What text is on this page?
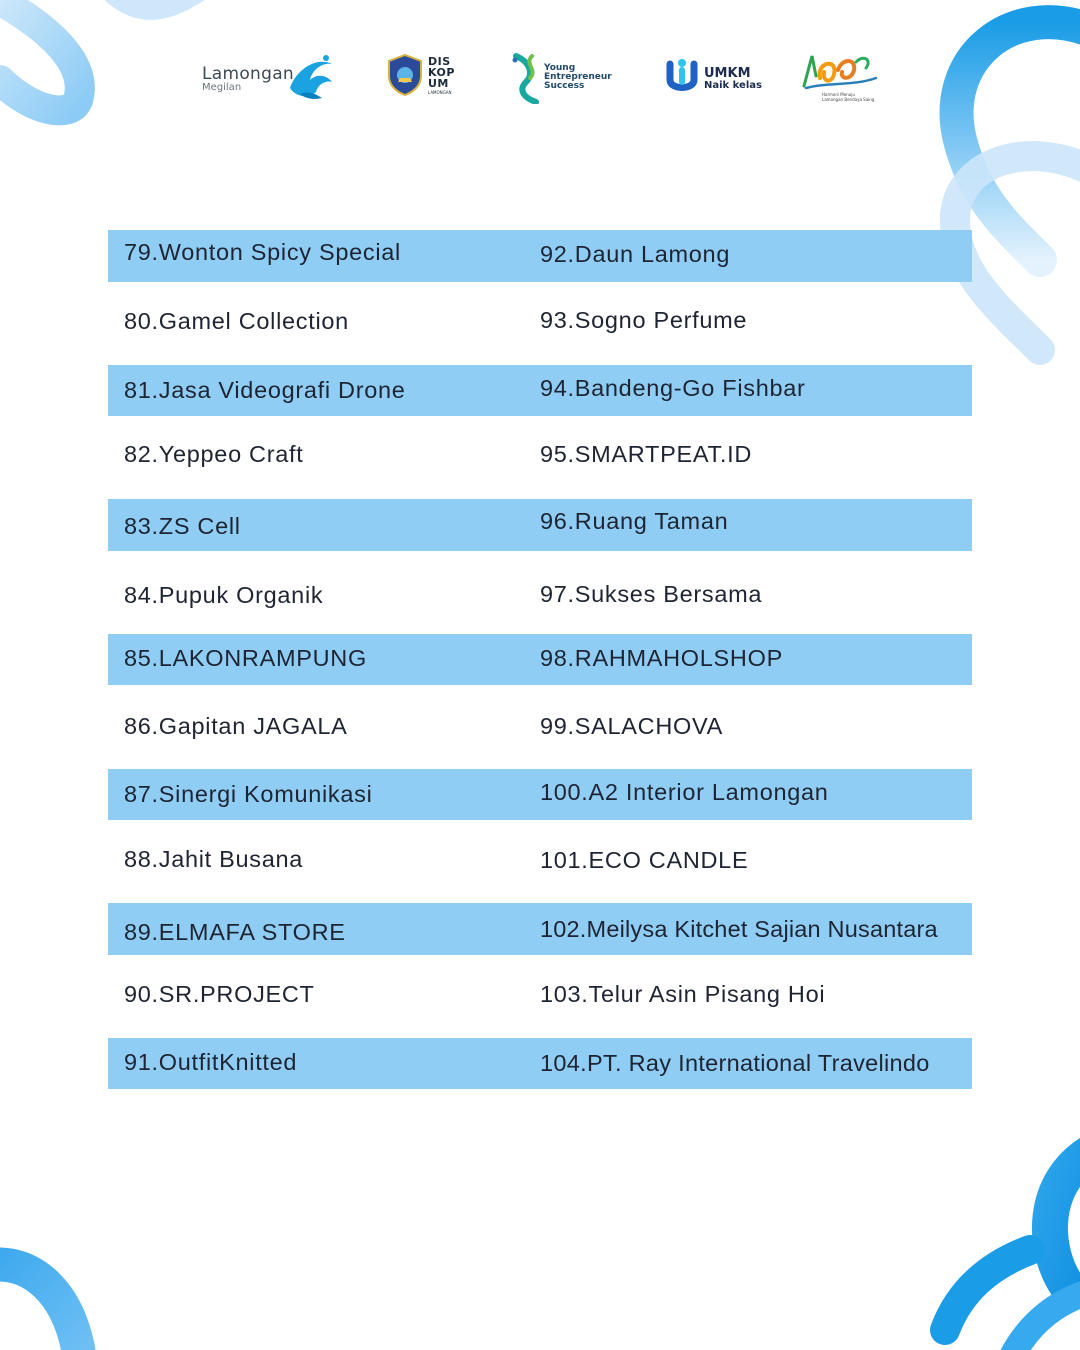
Lamongan
Megilan
DIS
KOP
UM
LAMONGAN
Young
Entrepreneur
Success
UMKM
Naik kelas
Harmoni Menuju
Lamongan Bendaya Saing
79.Wonton Spicy Special
80.Gamel Collection
81.Jasa Videografi Drone
82.Yeppeo Craft
83.ZS Cell
84.Pupuk Organik
85.LAKONRAMPUNG
86.Gapitan JAGALA
87.Sinergi Komunikasi
88.Jahit Busana
89.ELMAFA STORE
90.SR.PROJECT
91.OutfitKnitted
92.Daun Lamong
93.Sogno Perfume
94.Bandeng-Go Fishbar
95.SMARTPEAT.ID
96.Ruang Taman
97.Sukses Bersama
98.RAHMAHOLSHOP
99.SALACHOVA
100.A2 Interior Lamongan
101.ECO CANDLE
102.Meilysa Kitchet Sajian Nusantara
103.Telur Asin Pisang Hoi
104.PT. Ray International Travelindo
